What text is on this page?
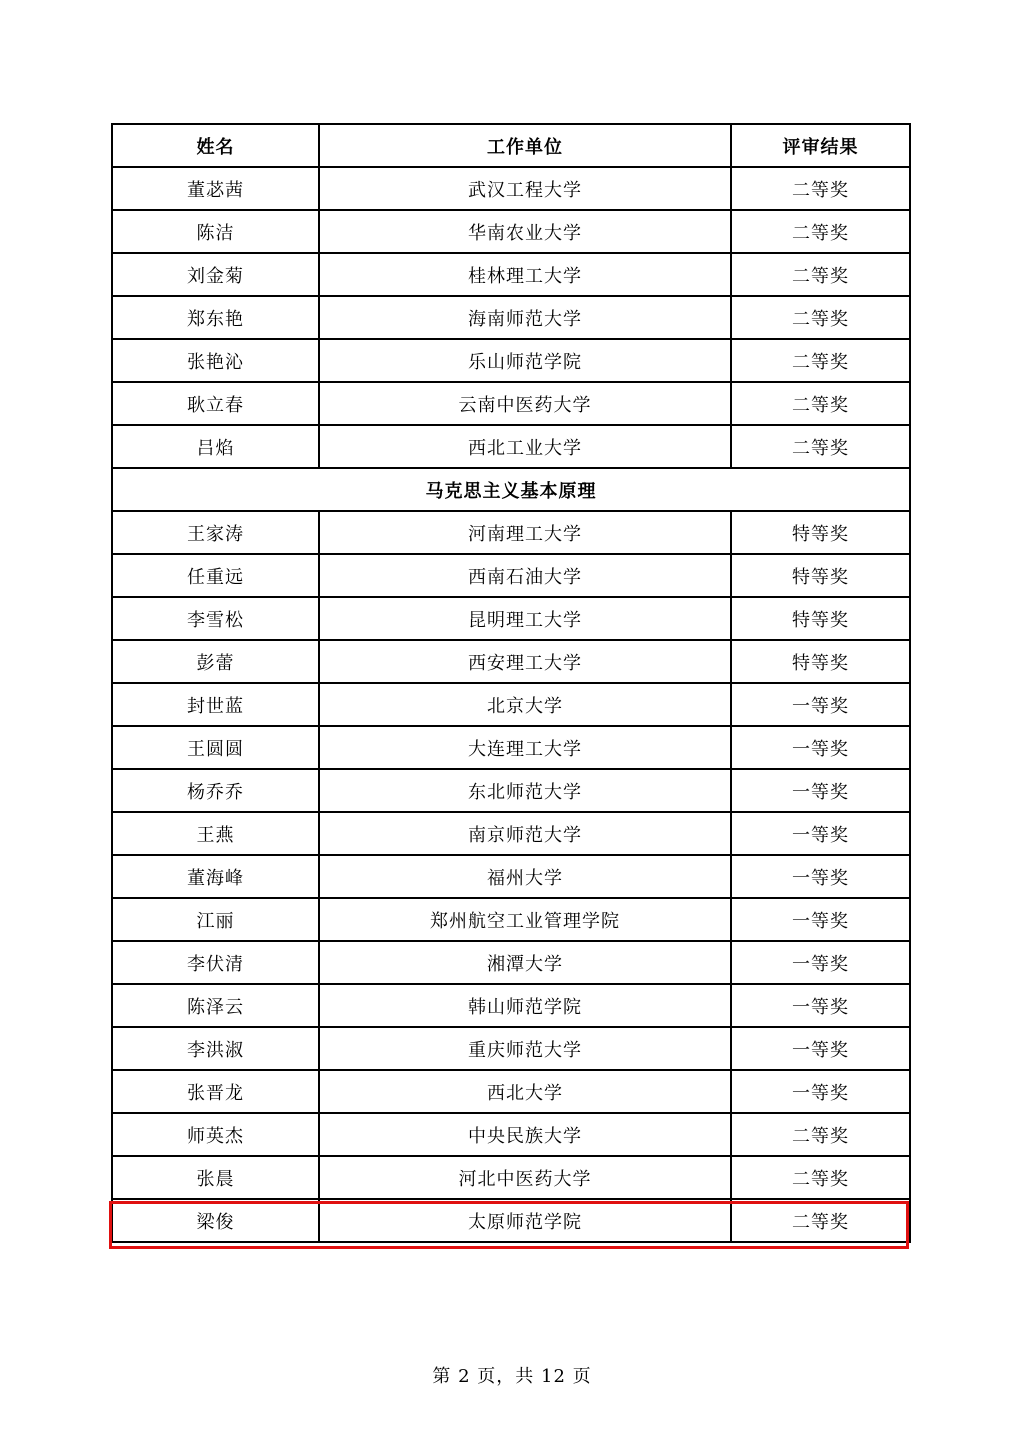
姓名	工作单位	评审结果
董苾茜	武汉工程大学	二等奖
陈洁	华南农业大学	二等奖
刘金菊	桂林理工大学	二等奖
郑东艳	海南师范大学	二等奖
张艳沁	乐山师范学院	二等奖
耿立春	云南中医药大学	二等奖
吕焰	西北工业大学	二等奖
马克思主义基本原理		
王家涛	河南理工大学	特等奖
任重远	西南石油大学	特等奖
李雪松	昆明理工大学	特等奖
彭蕾	西安理工大学	特等奖
封世蓝	北京大学	一等奖
王圆圆	大连理工大学	一等奖
杨乔乔	东北师范大学	一等奖
王燕	南京师范大学	一等奖
董海峰	福州大学	一等奖
江丽	郑州航空工业管理学院	一等奖
李伏清	湘潭大学	一等奖
陈泽云	韩山师范学院	一等奖
李洪淑	重庆师范大学	一等奖
张晋龙	西北大学	一等奖
师英杰	中央民族大学	二等奖
张晨	河北中医药大学	二等奖
梁俊	太原师范学院	二等奖
第 2 页，共 12 页
